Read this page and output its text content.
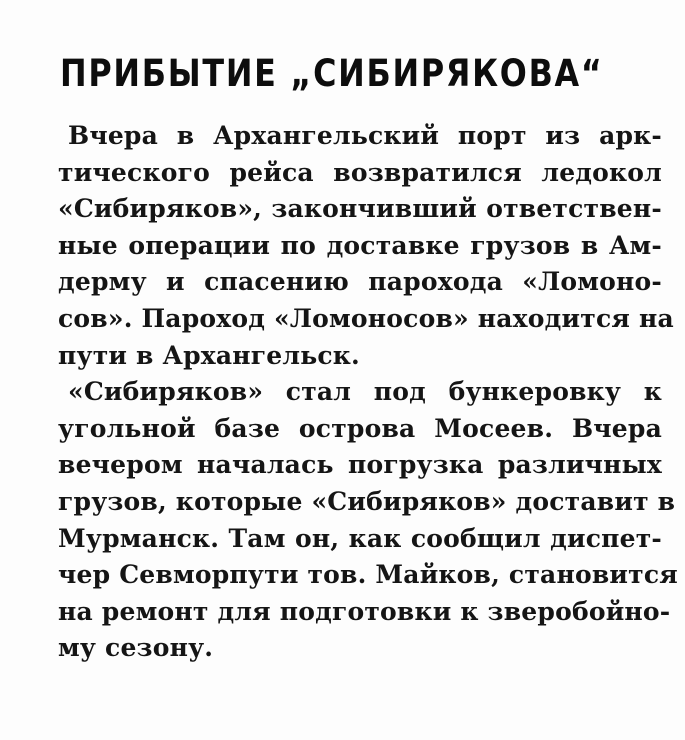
ПРИБЫТИЕ „СИБИРЯКОВА“
Вчера в Архангельский порт из арк-
тического рейса возвратился ледокол
«Сибиряков», закончивший ответствен-
ные операции по доставке грузов в Ам-
дерму и спасению парохода «Ломоно-
сов». Пароход «Ломоносов» находится на
пути в Архангельск.
«Сибиряков» стал под бункеровку к
угольной базе острова Мосеев. Вчера
вечером началась погрузка различных
грузов, которые «Сибиряков» доставит в
Мурманск. Там он, как сообщил диспет-
чер Севморпути тов. Майков, становится
на ремонт для подготовки к зверобойно-
му сезону.
